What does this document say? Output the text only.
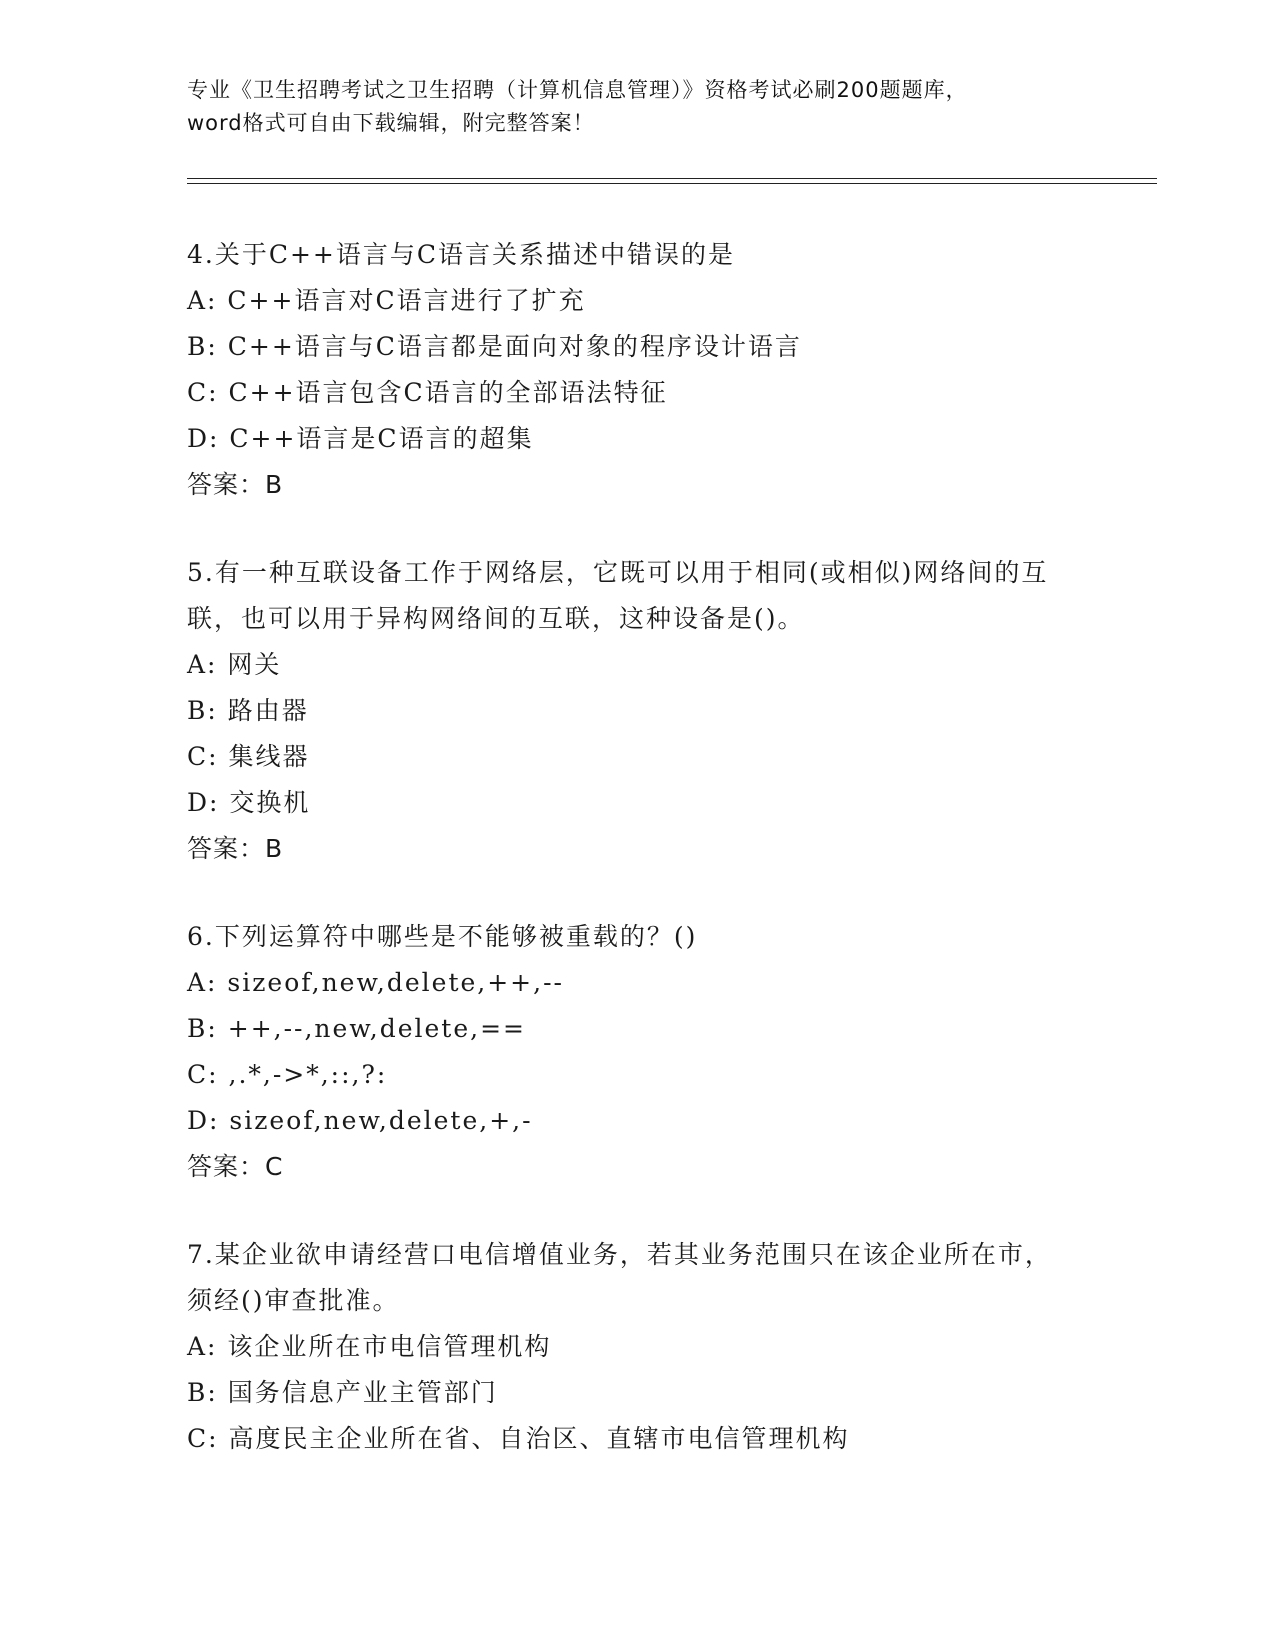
专业《卫生招聘考试之卫生招聘（计算机信息管理）》资格考试必刷200题题库，
word格式可自由下载编辑，附完整答案！
4.关于C++语言与C语言关系描述中错误的是
A: C++语言对C语言进行了扩充
B: C++语言与C语言都是面向对象的程序设计语言
C: C++语言包含C语言的全部语法特征
D: C++语言是C语言的超集
答案：B
5.有一种互联设备工作于网络层，它既可以用于相同(或相似)网络间的互联，也可以用于异构网络间的互联，这种设备是()。
A: 网关
B: 路由器
C: 集线器
D: 交换机
答案：B
6.下列运算符中哪些是不能够被重载的？()
A: sizeof,new,delete,++,--
B: ++,--,new,delete,==
C: ,.*,->*,::,?:
D: sizeof,new,delete,+,-
答案：C
7.某企业欲申请经营口电信增值业务，若其业务范围只在该企业所在市，须经()审查批准。
A: 该企业所在市电信管理机构
B: 国务信息产业主管部门
C: 高度民主企业所在省、自治区、直辖市电信管理机构
